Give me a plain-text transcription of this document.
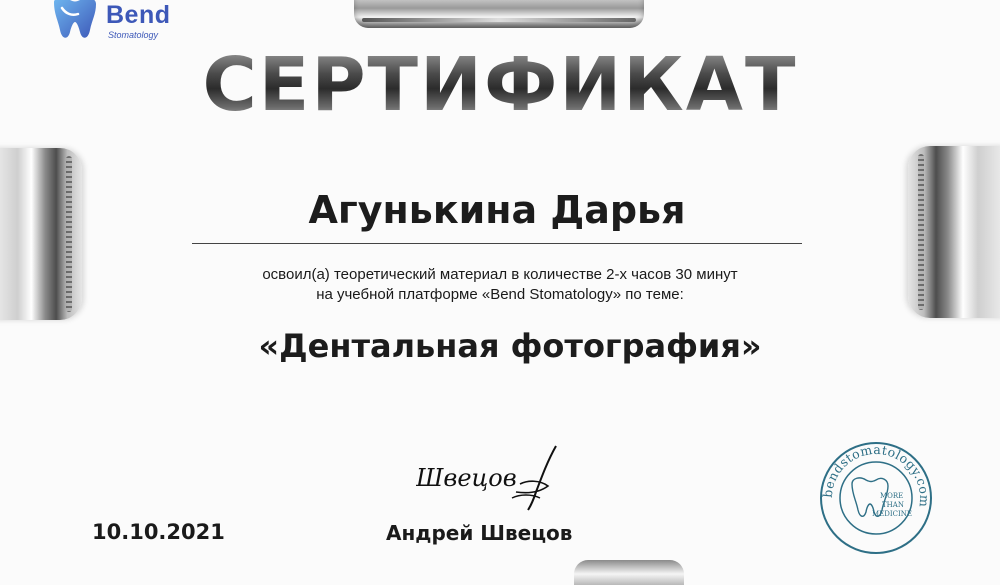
Bend
Stomatology
СЕРТИФИКАТ
Агунькина Дарья
освоил(а) теоретический материал в количестве 2-х часов 30 минут
на учебной платформе «Bend Stomatology» по теме:
«Дентальная фотография»
Швецов
10.10.2021	Андрей Швецов
bendstomatology.com
MORE
THAN
MEDICINE
